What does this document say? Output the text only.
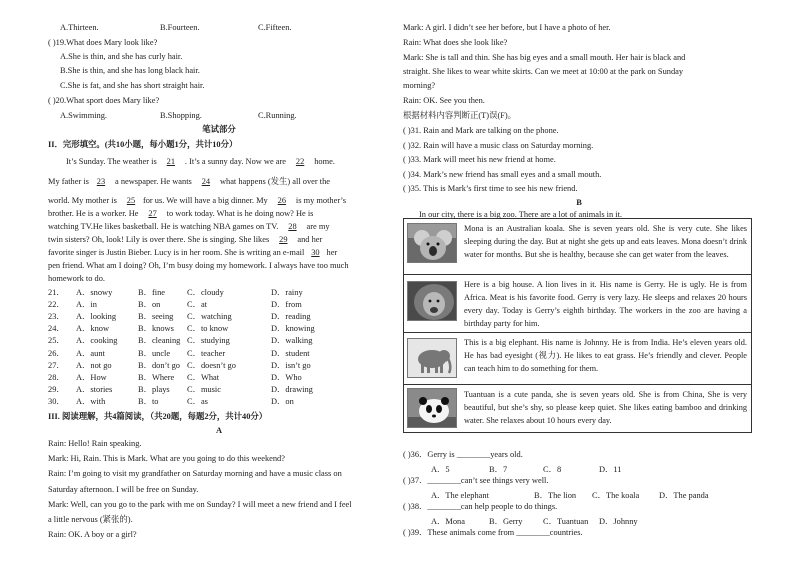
A.Thirteen.	B.Fourteen.	C.Fifteen.
( )19.What does Mary look like?
A.She is thin, and she has curly hair.
B.She is thin, and she has long black hair.
C.She is fat, and she has short straight hair.
( )20.What sport does Mary like?
A.Swimming.	B.Shopping.	C.Running.
笔试部分
II．完形填空。(共10小题，每小题1分，共计10分）
It’s Sunday. The weather is 21 . It’s a sunny day. Now we are 22 home.
My father is 23 a newspaper. He wants 24 what happens (发生) all over the
world. My mother is 25 for us. We will have a big dinner. My 26 is my mother’s
brother. He is a worker. He 27 to work today. What is he doing now? He is
watching TV.He likes basketball. He is watching NBA games on TV. 28 are my
twin sisters? Oh, look! Lily is over there. She is singing. She likes 29 and her
favorite singer is Justin Bieber. Lucy is in her room. She is writing an e-mail 30 her
pen friend. What am I doing? Oh, I’m busy doing my homework. I always have too much
homework to do.
21． A．snowy	B．fine	C．cloudy	D．rainy
22． A．in	B．on	C．at	D．from
23． A．looking	B．seeing C．watching	D．reading
24． A．know	B．knows C．to know	D．knowing
25． A．cooking B．cleaning C．studying	D．walking
26． A．aunt	B．uncle C．teacher	D．student
27． A．not go	B．don’t go C．doesn’t go	D．isn’t go
28． A．How	B．Where C．What	D．Who
29． A．stories	B．plays C．music	D．drawing
30． A．with	B．to	C．as	D．on
III. 阅读理解，共4篇阅读，（共20题，每题2分，共计40分）
A
Rain: Hello! Rain speaking.
Mark: Hi, Rain. This is Mark. What are you going to do this weekend?
Rain: I’m going to visit my grandfather on Saturday morning and have a music class on
Saturday afternoon. I will be free on Sunday.
Mark: Well, can you go to the park with me on Sunday? I will meet a new friend and I feel
a little nervous (紧张的).
Rain: OK. A boy or a girl?
Mark: A girl. I didn’t see her before, but I have a photo of her.
Rain: What does she look like?
Mark: She is tall and thin. She has big eyes and a small mouth. Her hair is black and
straight. She likes to wear white skirts. Can we meet at 10:00 at the park on Sunday
morning?
Rain: OK. See you then.
根据材料内容判断正(T)误(F)。
( )31. Rain and Mark are talking on the phone.
( )32. Rain will have a music class on Saturday morning.
( )33. Mark will meet his new friend at home.
( )34. Mark’s new friend has small eyes and a small mouth.
( )35. This is Mark’s first time to see his new friend.
B
In our city, there is a big zoo. There are a lot of animals in it.
Mona is an Australian koala. She is seven years old. She is very cute. She likes sleeping during the day. But at night she gets up and eats leaves. Mona doesn’t drink water for months. But she is healthy, because she can get water from the leaves.
Here is a big house. A lion lives in it. His name is Gerry. He is ugly. He is from Africa. Meat is his favorite food. Gerry is very lazy. He sleeps and relaxes 20 hours every day. Today is Gerry’s eighth birthday. The workers in the zoo are having a birthday party for him.
This is a big elephant. His name is Johnny. He is from India. He’s eleven years old. He has bad eyesight (视力). He likes to eat grass. He’s friendly and clever. People can teach him to do something for them.
Tuantuan is a cute panda, she is seven years old. She is from China, She is very beautiful, but she’s shy, so please keep quiet. She likes eating bamboo and drinking water. She relaxes about 10 hours every day.
( )36．Gerry is ________years old.
A．5	B．7	C．8	D．11
( )37．________can’t see things very well.
A．The elephant	B．The lion C．The koala D．The panda
( )38．________can help people to do things.
A．Mona	B．Gerry C．Tuantuan D．Johnny
( )39．These animals come from ________countries.
